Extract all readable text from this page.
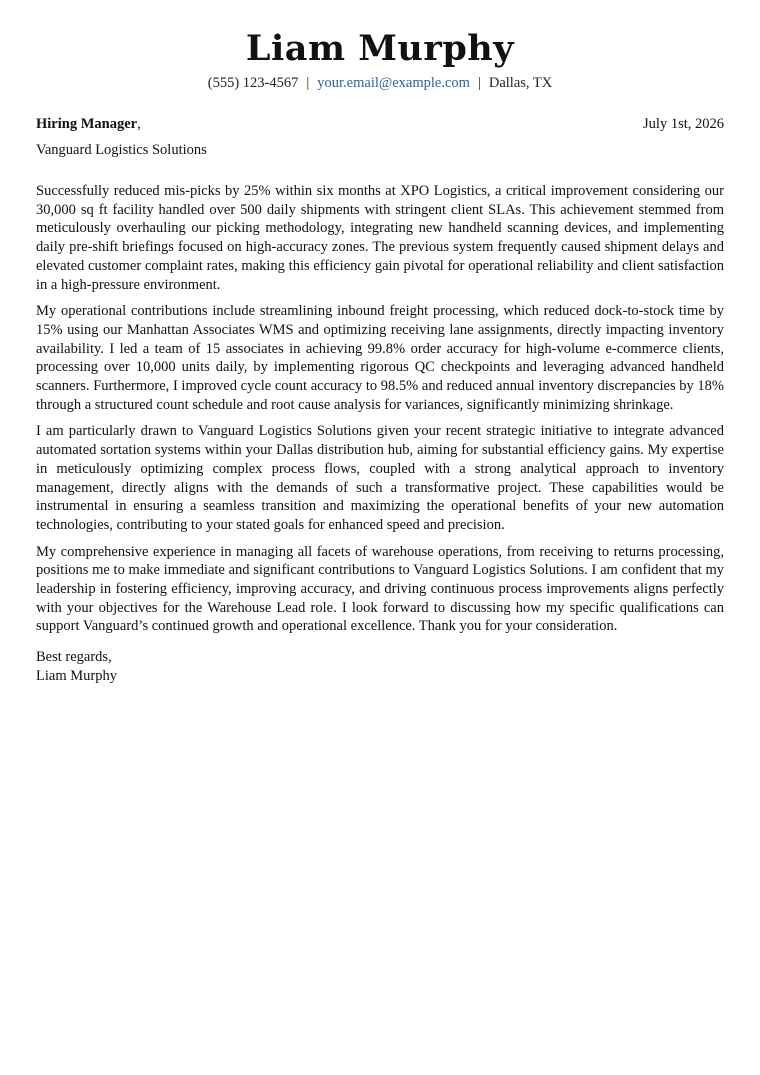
Liam Murphy
(555) 123-4567 | your.email@example.com | Dallas, TX
Hiring Manager,	July 1st, 2026
Vanguard Logistics Solutions

Successfully reduced mis-picks by 25% within six months at XPO Logistics, a critical improvement considering our 30,000 sq ft facility handled over 500 daily shipments with stringent client SLAs. This achievement stemmed from meticulously overhauling our picking methodology, integrating new handheld scanning devices, and implementing daily pre-shift briefings focused on high-accuracy zones. The previous system frequently caused shipment delays and elevated customer complaint rates, making this efficiency gain pivotal for operational reliability and client satisfaction in a high-pressure environment.

My operational contributions include streamlining inbound freight processing, which reduced dock-to-stock time by 15% using our Manhattan Associates WMS and optimizing receiving lane assignments, directly impacting inventory availability. I led a team of 15 associates in achieving 99.8% order accuracy for high-volume e-commerce clients, processing over 10,000 units daily, by implementing rigorous QC checkpoints and leveraging advanced handheld scanners. Furthermore, I improved cycle count accuracy to 98.5% and reduced annual inventory discrepancies by 18% through a structured count schedule and root cause analysis for variances, significantly minimizing shrinkage.

I am particularly drawn to Vanguard Logistics Solutions given your recent strategic initiative to integrate advanced automated sortation systems within your Dallas distribution hub, aiming for substantial efficiency gains. My expertise in meticulously optimizing complex process flows, coupled with a strong analytical approach to inventory management, directly aligns with the demands of such a transformative project. These capabilities would be instrumental in ensuring a seamless transition and maximizing the operational benefits of your new automation technologies, contributing to your stated goals for enhanced speed and precision.

My comprehensive experience in managing all facets of warehouse operations, from receiving to returns processing, positions me to make immediate and significant contributions to Vanguard Logistics Solutions. I am confident that my leadership in fostering efficiency, improving accuracy, and driving continuous process improvements aligns perfectly with your objectives for the Warehouse Lead role. I look forward to discussing how my specific qualifications can support Vanguard’s continued growth and operational excellence. Thank you for your consideration.

Best regards,
Liam Murphy
